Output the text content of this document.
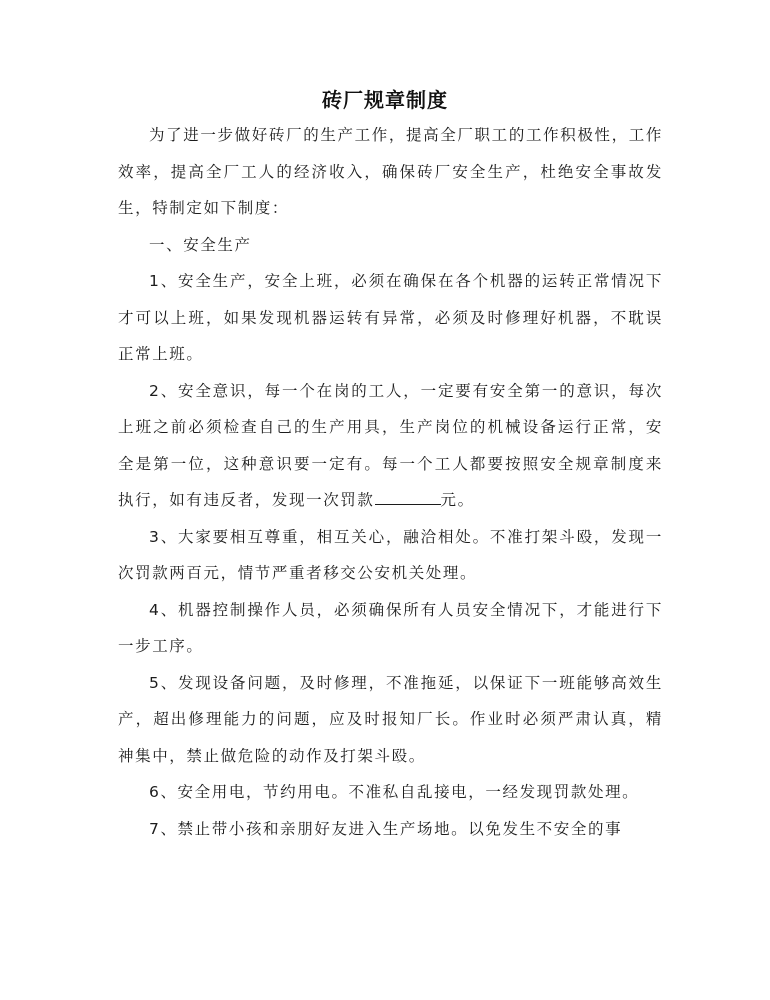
砖厂规章制度

为了进一步做好砖厂的生产工作，提高全厂职工的工作积极性，工作效率，提高全厂工人的经济收入，确保砖厂安全生产，杜绝安全事故发生，特制定如下制度：

一、安全生产

1、安全生产，安全上班，必须在确保在各个机器的运转正常情况下才可以上班，如果发现机器运转有异常，必须及时修理好机器，不耽误正常上班。

2、安全意识，每一个在岗的工人，一定要有安全第一的意识，每次上班之前必须检查自己的生产用具，生产岗位的机械设备运行正常，安全是第一位，这种意识要一定有。每一个工人都要按照安全规章制度来执行，如有违反者，发现一次罚款	元。

3、大家要相互尊重，相互关心，融洽相处。不准打架斗殴，发现一次罚款两百元，情节严重者移交公安机关处理。

4、机器控制操作人员，必须确保所有人员安全情况下，才能进行下一步工序。

5、发现设备问题，及时修理，不准拖延，以保证下一班能够高效生产，超出修理能力的问题，应及时报知厂长。作业时必须严肃认真，精神集中，禁止做危险的动作及打架斗殴。

6、安全用电，节约用电。不准私自乱接电，一经发现罚款处理。

7、禁止带小孩和亲朋好友进入生产场地。以免发生不安全的事
